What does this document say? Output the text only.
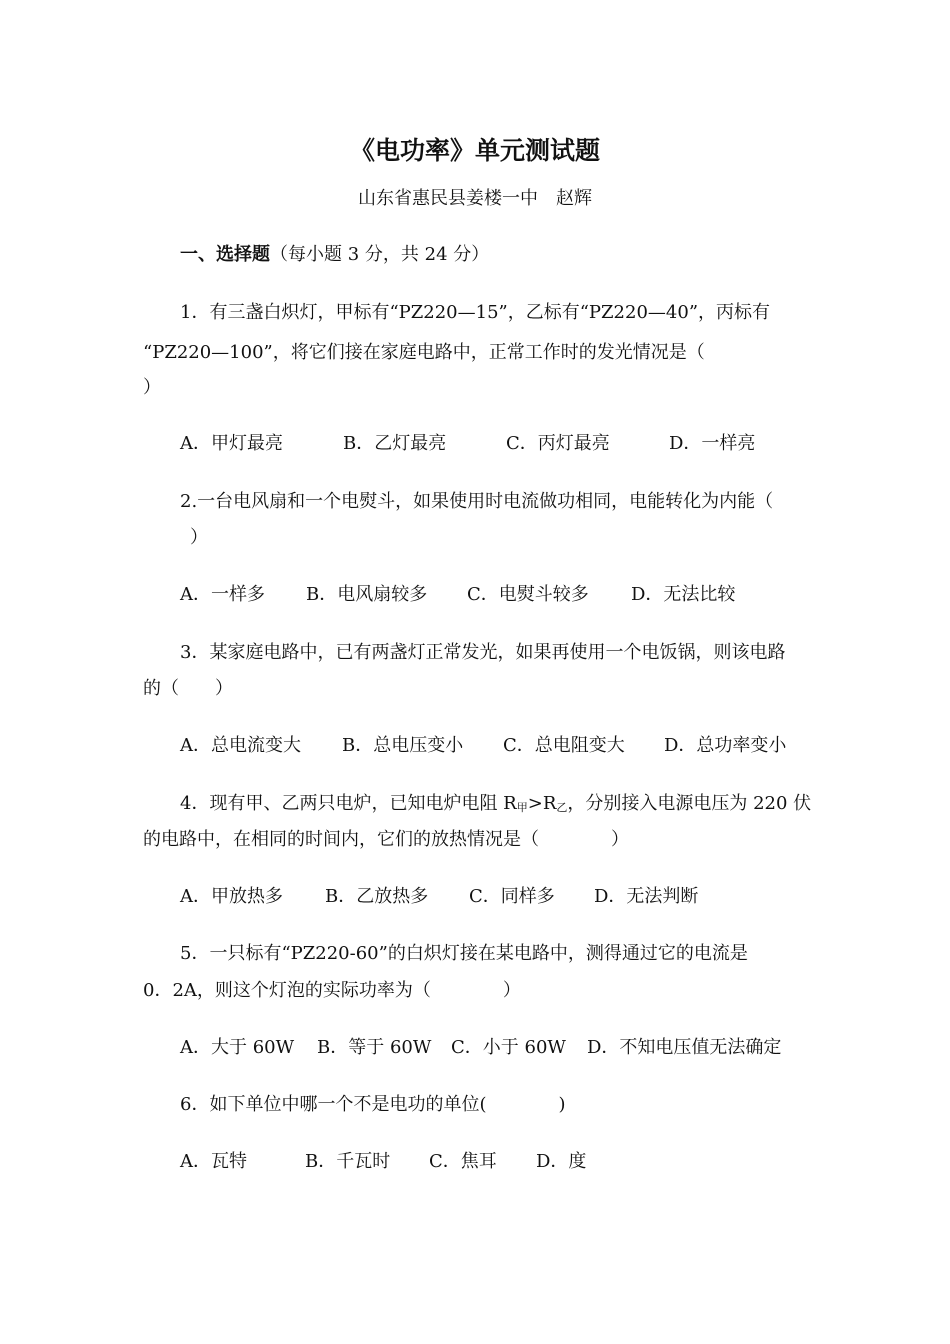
《电功率》单元测试题
山东省惠民县姜楼一中　赵辉
一、选择题（每小题 3 分，共 24 分）
1．有三盏白炽灯，甲标有“PZ220—15”，乙标有“PZ220—40”，丙标有
“PZ220—100”，将它们接在家庭电路中，正常工作时的发光情况是（
）
A．甲灯最亮	B．乙灯最亮	C．丙灯最亮	D．一样亮
2.一台电风扇和一个电熨斗，如果使用时电流做功相同，电能转化为内能（
）
A．一样多 B．电风扇较多 C．电熨斗较多 D．无法比较
3．某家庭电路中，已有两盏灯正常发光，如果再使用一个电饭锅，则该电路
的（　　）
A．总电流变大 B．总电压变小 C．总电阻变大 D．总功率变小
4．现有甲、乙两只电炉，已知电炉电阻 $R_甲>R_乙$，分别接入电源电压为 220 伏
的电路中，在相同的时间内，它们的放热情况是（　　　　）
A．甲放热多 B．乙放热多 C．同样多 D．无法判断
5．一只标有“PZ220-60”的白炽灯接在某电路中，测得通过它的电流是
0．2A，则这个灯泡的实际功率为（　　　　）
A．大于 60W B．等于 60W C．小于 60W D．不知电压值无法确定
6．如下单位中哪一个不是电功的单位(　　　　)
A．瓦特	B．千瓦时 C．焦耳 D．度
